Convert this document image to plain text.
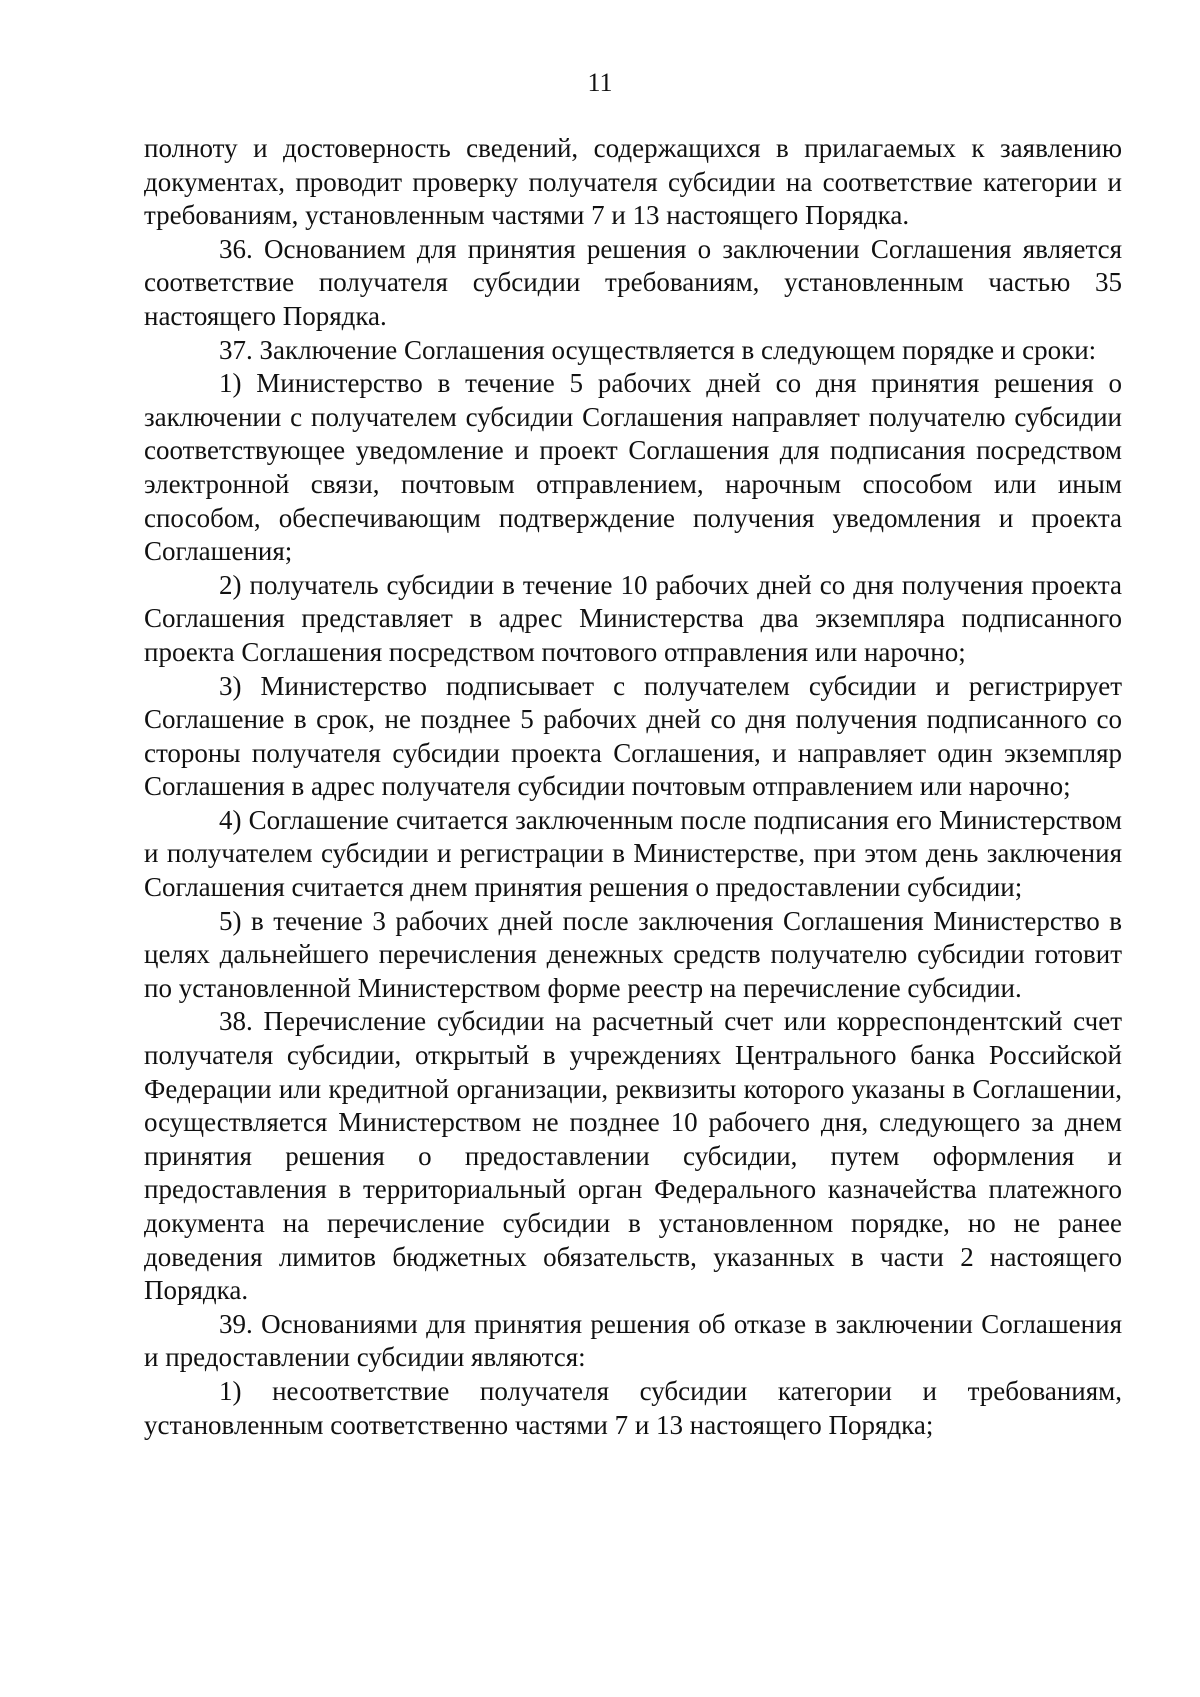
11

полноту и достоверность сведений, содержащихся в прилагаемых к заявлению документах, проводит проверку получателя субсидии на соответствие категории и требованиям, установленным частями 7 и 13 настоящего Порядка.

36. Основанием для принятия решения о заключении Соглашения является соответствие получателя субсидии требованиям, установленным частью 35 настоящего Порядка.

37. Заключение Соглашения осуществляется в следующем порядке и сроки:

1) Министерство в течение 5 рабочих дней со дня принятия решения о заключении с получателем субсидии Соглашения направляет получателю субсидии соответствующее уведомление и проект Соглашения для подписания посредством электронной связи, почтовым отправлением, нарочным способом или иным способом, обеспечивающим подтверждение получения уведомления и проекта Соглашения;

2) получатель субсидии в течение 10 рабочих дней со дня получения проекта Соглашения представляет в адрес Министерства два экземпляра подписанного проекта Соглашения посредством почтового отправления или нарочно;

3) Министерство подписывает с получателем субсидии и регистрирует Соглашение в срок, не позднее 5 рабочих дней со дня получения подписанного со стороны получателя субсидии проекта Соглашения, и направляет один экземпляр Соглашения в адрес получателя субсидии почтовым отправлением или нарочно;

4) Соглашение считается заключенным после подписания его Министерством и получателем субсидии и регистрации в Министерстве, при этом день заключения Соглашения считается днем принятия решения о предоставлении субсидии;

5) в течение 3 рабочих дней после заключения Соглашения Министерство в целях дальнейшего перечисления денежных средств получателю субсидии готовит по установленной Министерством форме реестр на перечисление субсидии.

38. Перечисление субсидии на расчетный счет или корреспондентский счет получателя субсидии, открытый в учреждениях Центрального банка Российской Федерации или кредитной организации, реквизиты которого указаны в Соглашении, осуществляется Министерством не позднее 10 рабочего дня, следующего за днем принятия решения о предоставлении субсидии, путем оформления и предоставления в территориальный орган Федерального казначейства платежного документа на перечисление субсидии в установленном порядке, но не ранее доведения лимитов бюджетных обязательств, указанных в части 2 настоящего Порядка.

39. Основаниями для принятия решения об отказе в заключении Соглашения и предоставлении субсидии являются:

1) несоответствие получателя субсидии категории и требованиям, установленным соответственно частями 7 и 13 настоящего Порядка;
